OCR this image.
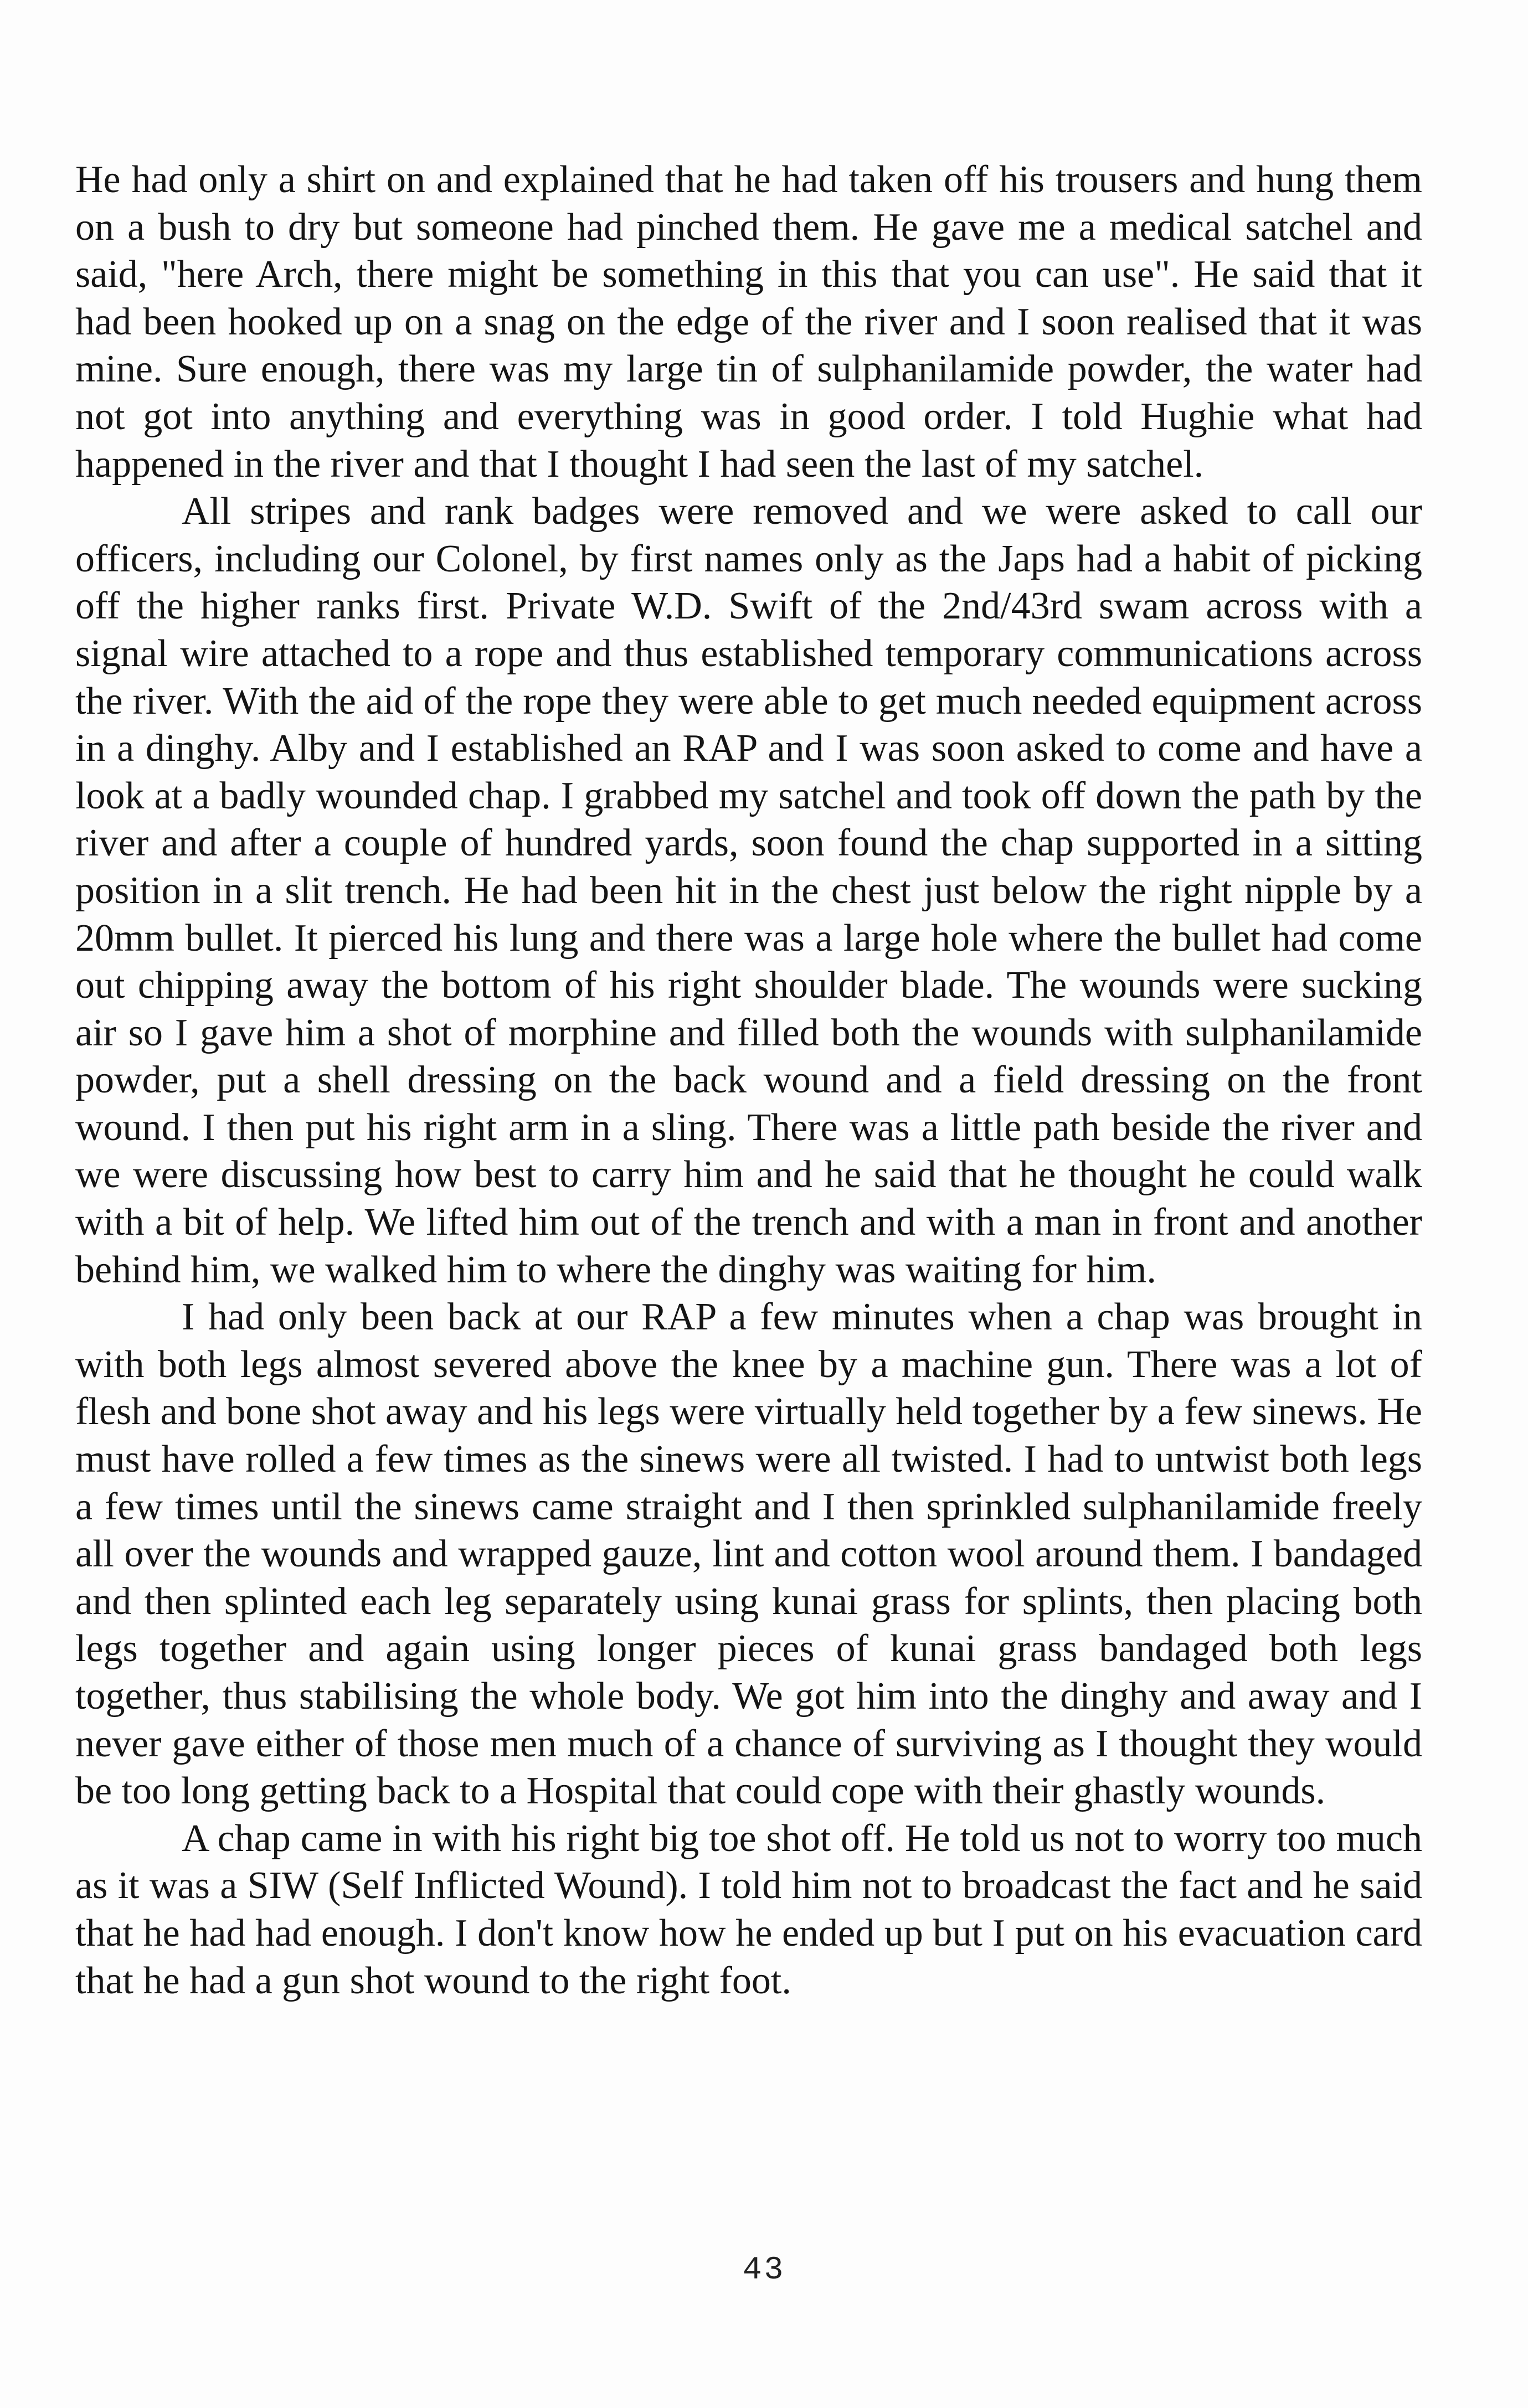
He had only a shirt on and explained that he had taken off his trousers and hung them on a bush to dry but someone had pinched them. He gave me a medical satchel and said, "here Arch, there might be something in this that you can use". He said that it had been hooked up on a snag on the edge of the river and I soon realised that it was mine. Sure enough, there was my large tin of sulphanilamide powder, the water had not got into anything and everything was in good order. I told Hughie what had happened in the river and that I thought I had seen the last of my satchel.

All stripes and rank badges were removed and we were asked to call our officers, including our Colonel, by first names only as the Japs had a habit of picking off the higher ranks first. Private W.D. Swift of the 2nd/43rd swam across with a signal wire attached to a rope and thus established temporary communications across the river. With the aid of the rope they were able to get much needed equipment across in a dinghy. Alby and I established an RAP and I was soon asked to come and have a look at a badly wounded chap. I grabbed my satchel and took off down the path by the river and after a couple of hundred yards, soon found the chap supported in a sitting position in a slit trench. He had been hit in the chest just below the right nipple by a 20mm bullet. It pierced his lung and there was a large hole where the bullet had come out chipping away the bottom of his right shoulder blade. The wounds were sucking air so I gave him a shot of morphine and filled both the wounds with sulphanilamide powder, put a shell dressing on the back wound and a field dressing on the front wound. I then put his right arm in a sling. There was a little path beside the river and we were discussing how best to carry him and he said that he thought he could walk with a bit of help. We lifted him out of the trench and with a man in front and another behind him, we walked him to where the dinghy was waiting for him.

I had only been back at our RAP a few minutes when a chap was brought in with both legs almost severed above the knee by a machine gun. There was a lot of flesh and bone shot away and his legs were virtually held together by a few sinews. He must have rolled a few times as the sinews were all twisted. I had to untwist both legs a few times until the sinews came straight and I then sprinkled sulphanilamide freely all over the wounds and wrapped gauze, lint and cotton wool around them. I bandaged and then splinted each leg separately using kunai grass for splints, then placing both legs together and again using longer pieces of kunai grass bandaged both legs together, thus stabilising the whole body. We got him into the dinghy and away and I never gave either of those men much of a chance of surviving as I thought they would be too long getting back to a Hospital that could cope with their ghastly wounds.

A chap came in with his right big toe shot off. He told us not to worry too much as it was a SIW (Self Inflicted Wound). I told him not to broadcast the fact and he said that he had had enough. I don't know how he ended up but I put on his evacuation card that he had a gun shot wound to the right foot.

43
